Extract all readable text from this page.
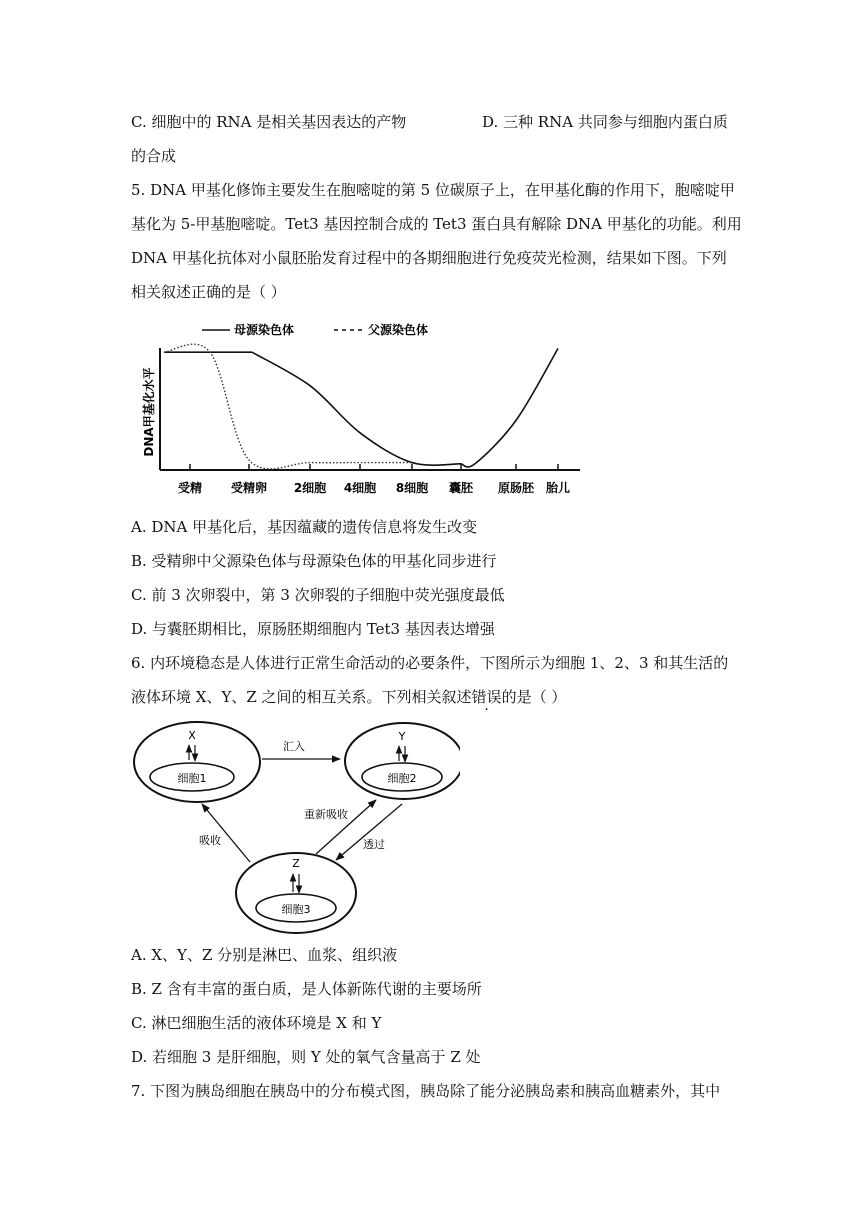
C. 细胞中的 RNA 是相关基因表达的产物	D. 三种 RNA 共同参与细胞内蛋白质
的合成
5. DNA 甲基化修饰主要发生在胞嘧啶的第 5 位碳原子上，在甲基化酶的作用下，胞嘧啶甲
基化为 5-甲基胞嘧啶。Tet3 基因控制合成的 Tet3 蛋白具有解除 DNA 甲基化的功能。利用
DNA 甲基化抗体对小鼠胚胎发育过程中的各期细胞进行免疫荧光检测，结果如下图。下列
相关叙述正确的是（ ）
DNA甲基化水平
受精 受精卵 2细胞 4细胞 8细胞 囊胚 原肠胚 胎儿
母源染色体	父源染色体
A. DNA 甲基化后，基因蕴藏的遗传信息将发生改变
B. 受精卵中父源染色体与母源染色体的甲基化同步进行
C. 前 3 次卵裂中，第 3 次卵裂的子细胞中荧光强度最低
D. 与囊胚期相比，原肠胚期细胞内 Tet3 基因表达增强
6. 内环境稳态是人体进行正常生命活动的必要条件，下图所示为细胞 1、2、3 和其生活的
液体环境 X、Y、Z 之间的相互关系。下列相关叙述错误的是（ ）
X
细胞1
Y
细胞2
Z
细胞3
汇入
吸收
重新吸收
透过
A. X、Y、Z 分别是淋巴、血浆、组织液
B. Z 含有丰富的蛋白质，是人体新陈代谢的主要场所
C. 淋巴细胞生活的液体环境是 X 和 Y
D. 若细胞 3 是肝细胞，则 Y 处的氧气含量高于 Z 处
7. 下图为胰岛细胞在胰岛中的分布模式图，胰岛除了能分泌胰岛素和胰高血糖素外，其中
